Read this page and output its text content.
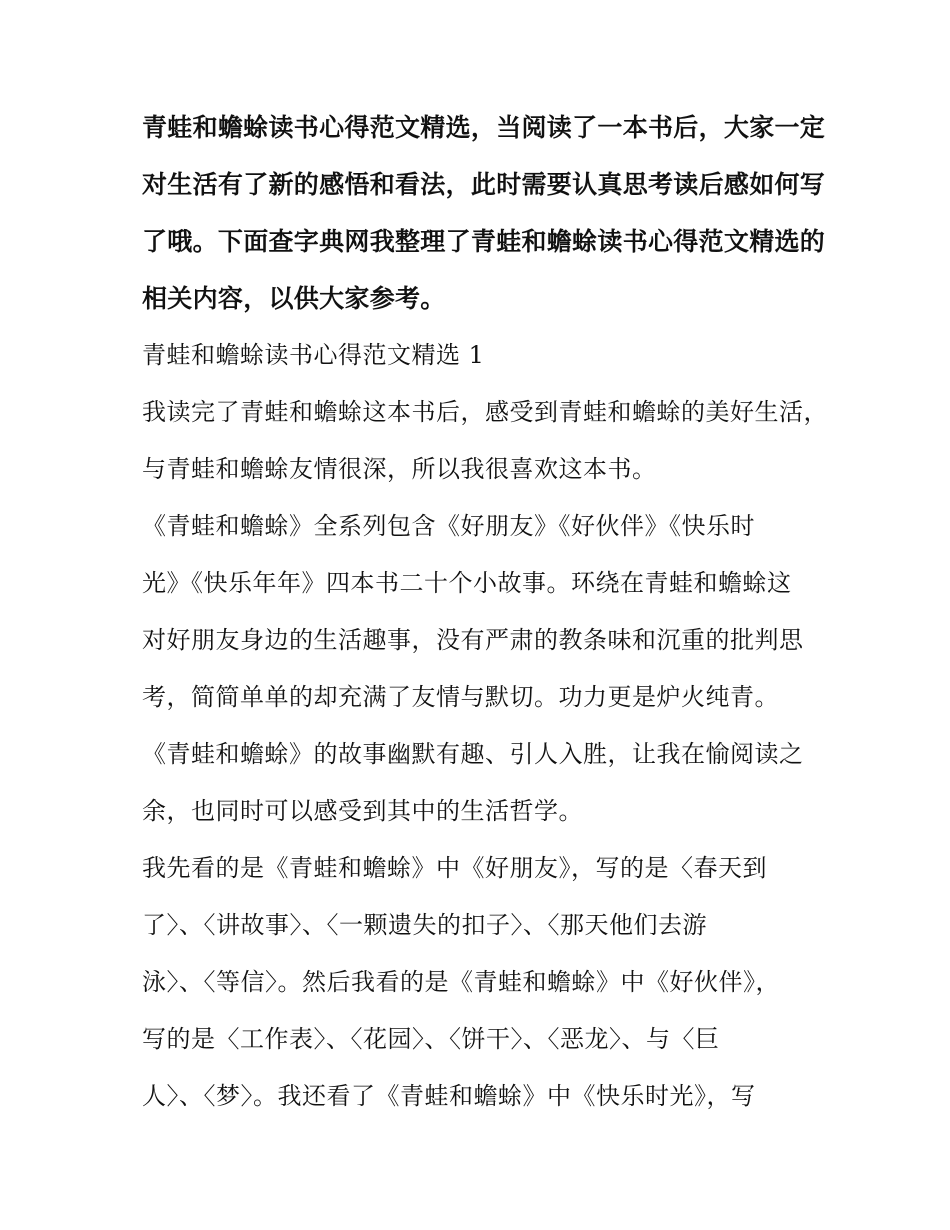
青蛙和蟾蜍读书心得范文精选，当阅读了一本书后，大家一定
对生活有了新的感悟和看法，此时需要认真思考读后感如何写
了哦。下面查字典网我整理了青蛙和蟾蜍读书心得范文精选的
相关内容，以供大家参考。
青蛙和蟾蜍读书心得范文精选 1
我读完了青蛙和蟾蜍这本书后，感受到青蛙和蟾蜍的美好生活，
与青蛙和蟾蜍友情很深，所以我很喜欢这本书。
《青蛙和蟾蜍》全系列包含《好朋友》《好伙伴》《快乐时
光》《快乐年年》四本书二十个小故事。环绕在青蛙和蟾蜍这
对好朋友身边的生活趣事，没有严肃的教条味和沉重的批判思
考，简简单单的却充满了友情与默切。功力更是炉火纯青。
《青蛙和蟾蜍》的故事幽默有趣、引人入胜，让我在愉阅读之
余，也同时可以感受到其中的生活哲学。
我先看的是《青蛙和蟾蜍》中《好朋友》，写的是〈春天到
了〉、〈讲故事〉、〈一颗遗失的扣子〉、〈那天他们去游
泳〉、〈等信〉。然后我看的是《青蛙和蟾蜍》中《好伙伴》，
写的是〈工作表〉、〈花园〉、〈饼干〉、〈恶龙〉、与〈巨
人〉、〈梦〉。我还看了《青蛙和蟾蜍》中《快乐时光》，写
